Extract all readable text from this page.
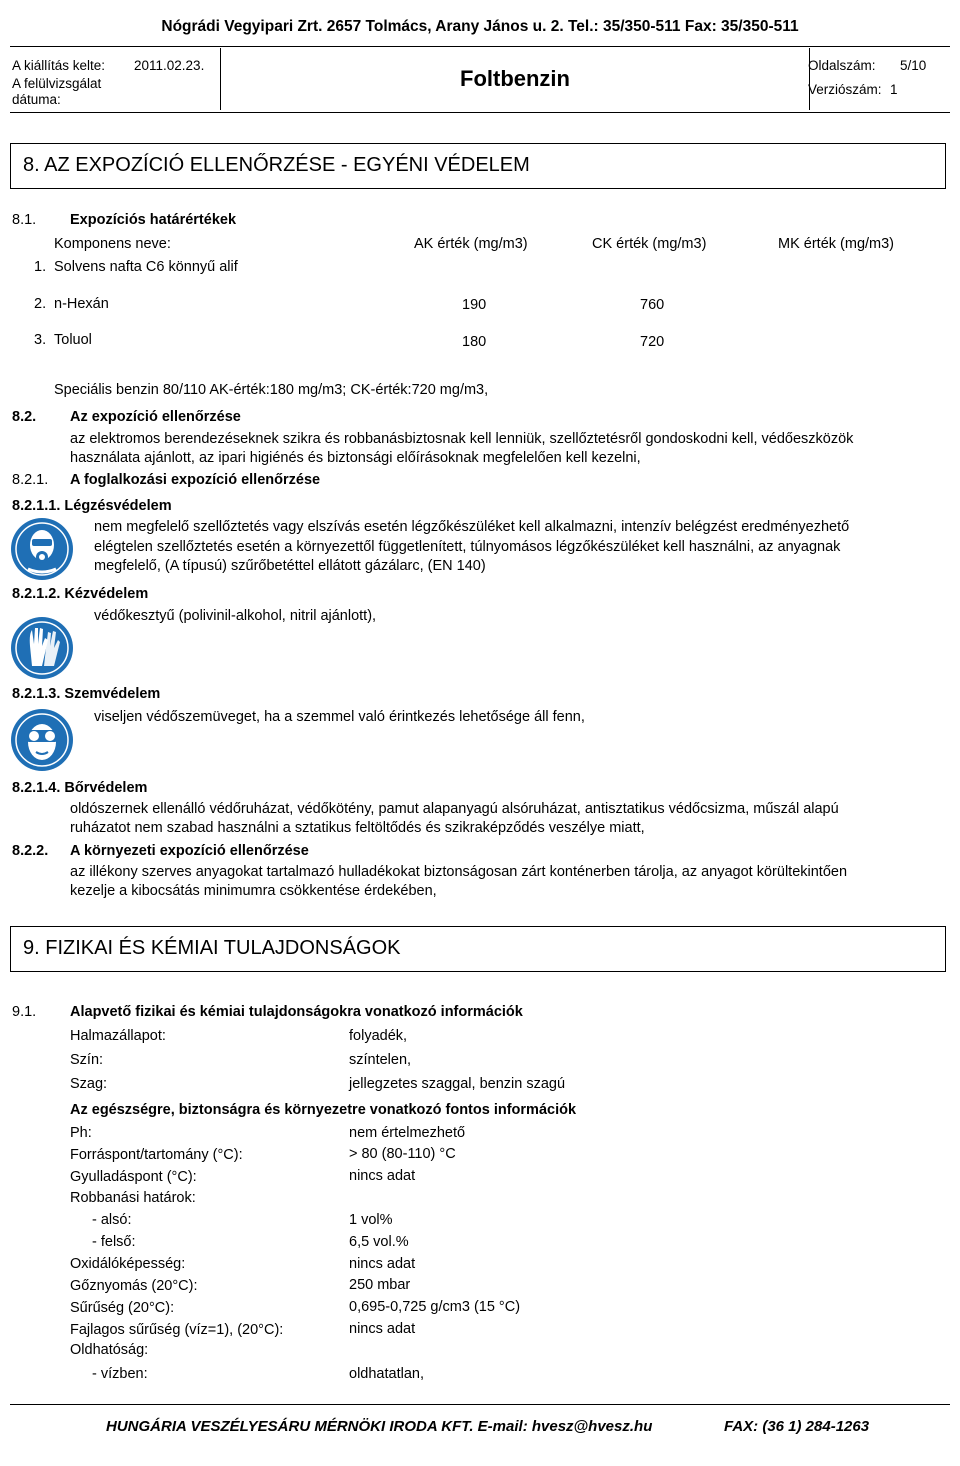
Nógrádi Vegyipari Zrt. 2657 Tolmács, Arany János u. 2. Tel.: 35/350-511 Fax: 35/350-511
A kiállítás kelte: 2011.02.23.
A felülvizsgálat
dátuma:
Foltbenzin
Oldalszám: 5/10
Verziószám: 1
8. AZ EXPOZÍCIÓ ELLENŐRZÉSE - EGYÉNI VÉDELEM
8.1. Expozíciós határértékek
Komponens neve:	AK érték (mg/m3)	CK érték (mg/m3)	MK érték (mg/m3)
1. Solvens nafta C6 könnyű alif
2. n-Hexán	190	760
3. Toluol	180	720
Speciális benzin 80/110 AK-érték:180 mg/m3; CK-érték:720 mg/m3,
8.2. Az expozíció ellenőrzése
az elektromos berendezéseknek szikra és robbanásbiztosnak kell lenniük, szellőztetésről gondoskodni kell, védőeszközök
használata ajánlott, az ipari higiénés és biztonsági előírásoknak megfelelően kell kezelni,
8.2.1. A foglalkozási expozíció ellenőrzése
8.2.1.1. Légzésvédelem
nem megfelelő szellőztetés vagy elszívás esetén légzőkészüléket kell alkalmazni, intenzív belégzést eredményezhető
elégtelen szellőztetés esetén a környezettől függetlenített, túlnyomásos légzőkészüléket kell használni, az anyagnak
megfelelő, (A típusú) szűrőbetéttel ellátott gázálarc, (EN 140)
8.2.1.2. Kézvédelem
védőkesztyű (polivinil-alkohol, nitril ajánlott),
8.2.1.3. Szemvédelem
viseljen védőszemüveget, ha a szemmel való érintkezés lehetősége áll fenn,
8.2.1.4. Bőrvédelem
oldószernek ellenálló védőruházat, védőkötény, pamut alapanyagú alsóruházat, antisztatikus védőcsizma, műszál alapú
ruházatot nem szabad használni a sztatikus feltöltődés és szikraképződés veszélye miatt,
8.2.2. A környezeti expozíció ellenőrzése
az illékony szerves anyagokat tartalmazó hulladékokat biztonságosan zárt konténerben tárolja, az anyagot körültekintően
kezelje a kibocsátás minimumra csökkentése érdekében,
9. FIZIKAI ÉS KÉMIAI TULAJDONSÁGOK
9.1. Alapvető fizikai és kémiai tulajdonságokra vonatkozó információk
Halmazállapot:	folyadék,
Szín:	színtelen,
Szag:	jellegzetes szaggal, benzin szagú
Az egészségre, biztonságra és környezetre vonatkozó fontos információk
Ph:	nem értelmezhető
Forráspont/tartomány (°C):	> 80 (80-110) °C
Gyulladáspont (°C):	nincs adat
Robbanási határok:
- alsó:	1 vol%
- felső:	6,5 vol.%
Oxidálóképesség:	nincs adat
Gőznyomás (20°C):	250 mbar
Sűrűség (20°C):	0,695-0,725 g/cm3 (15 °C)
Fajlagos sűrűség (víz=1), (20°C):	nincs adat
Oldhatóság:
- vízben:	oldhatatlan,
HUNGÁRIA VESZÉLYESÁRU MÉRNÖKI IRODA KFT. E-mail: hvesz@hvesz.hu	FAX: (36 1) 284-1263
